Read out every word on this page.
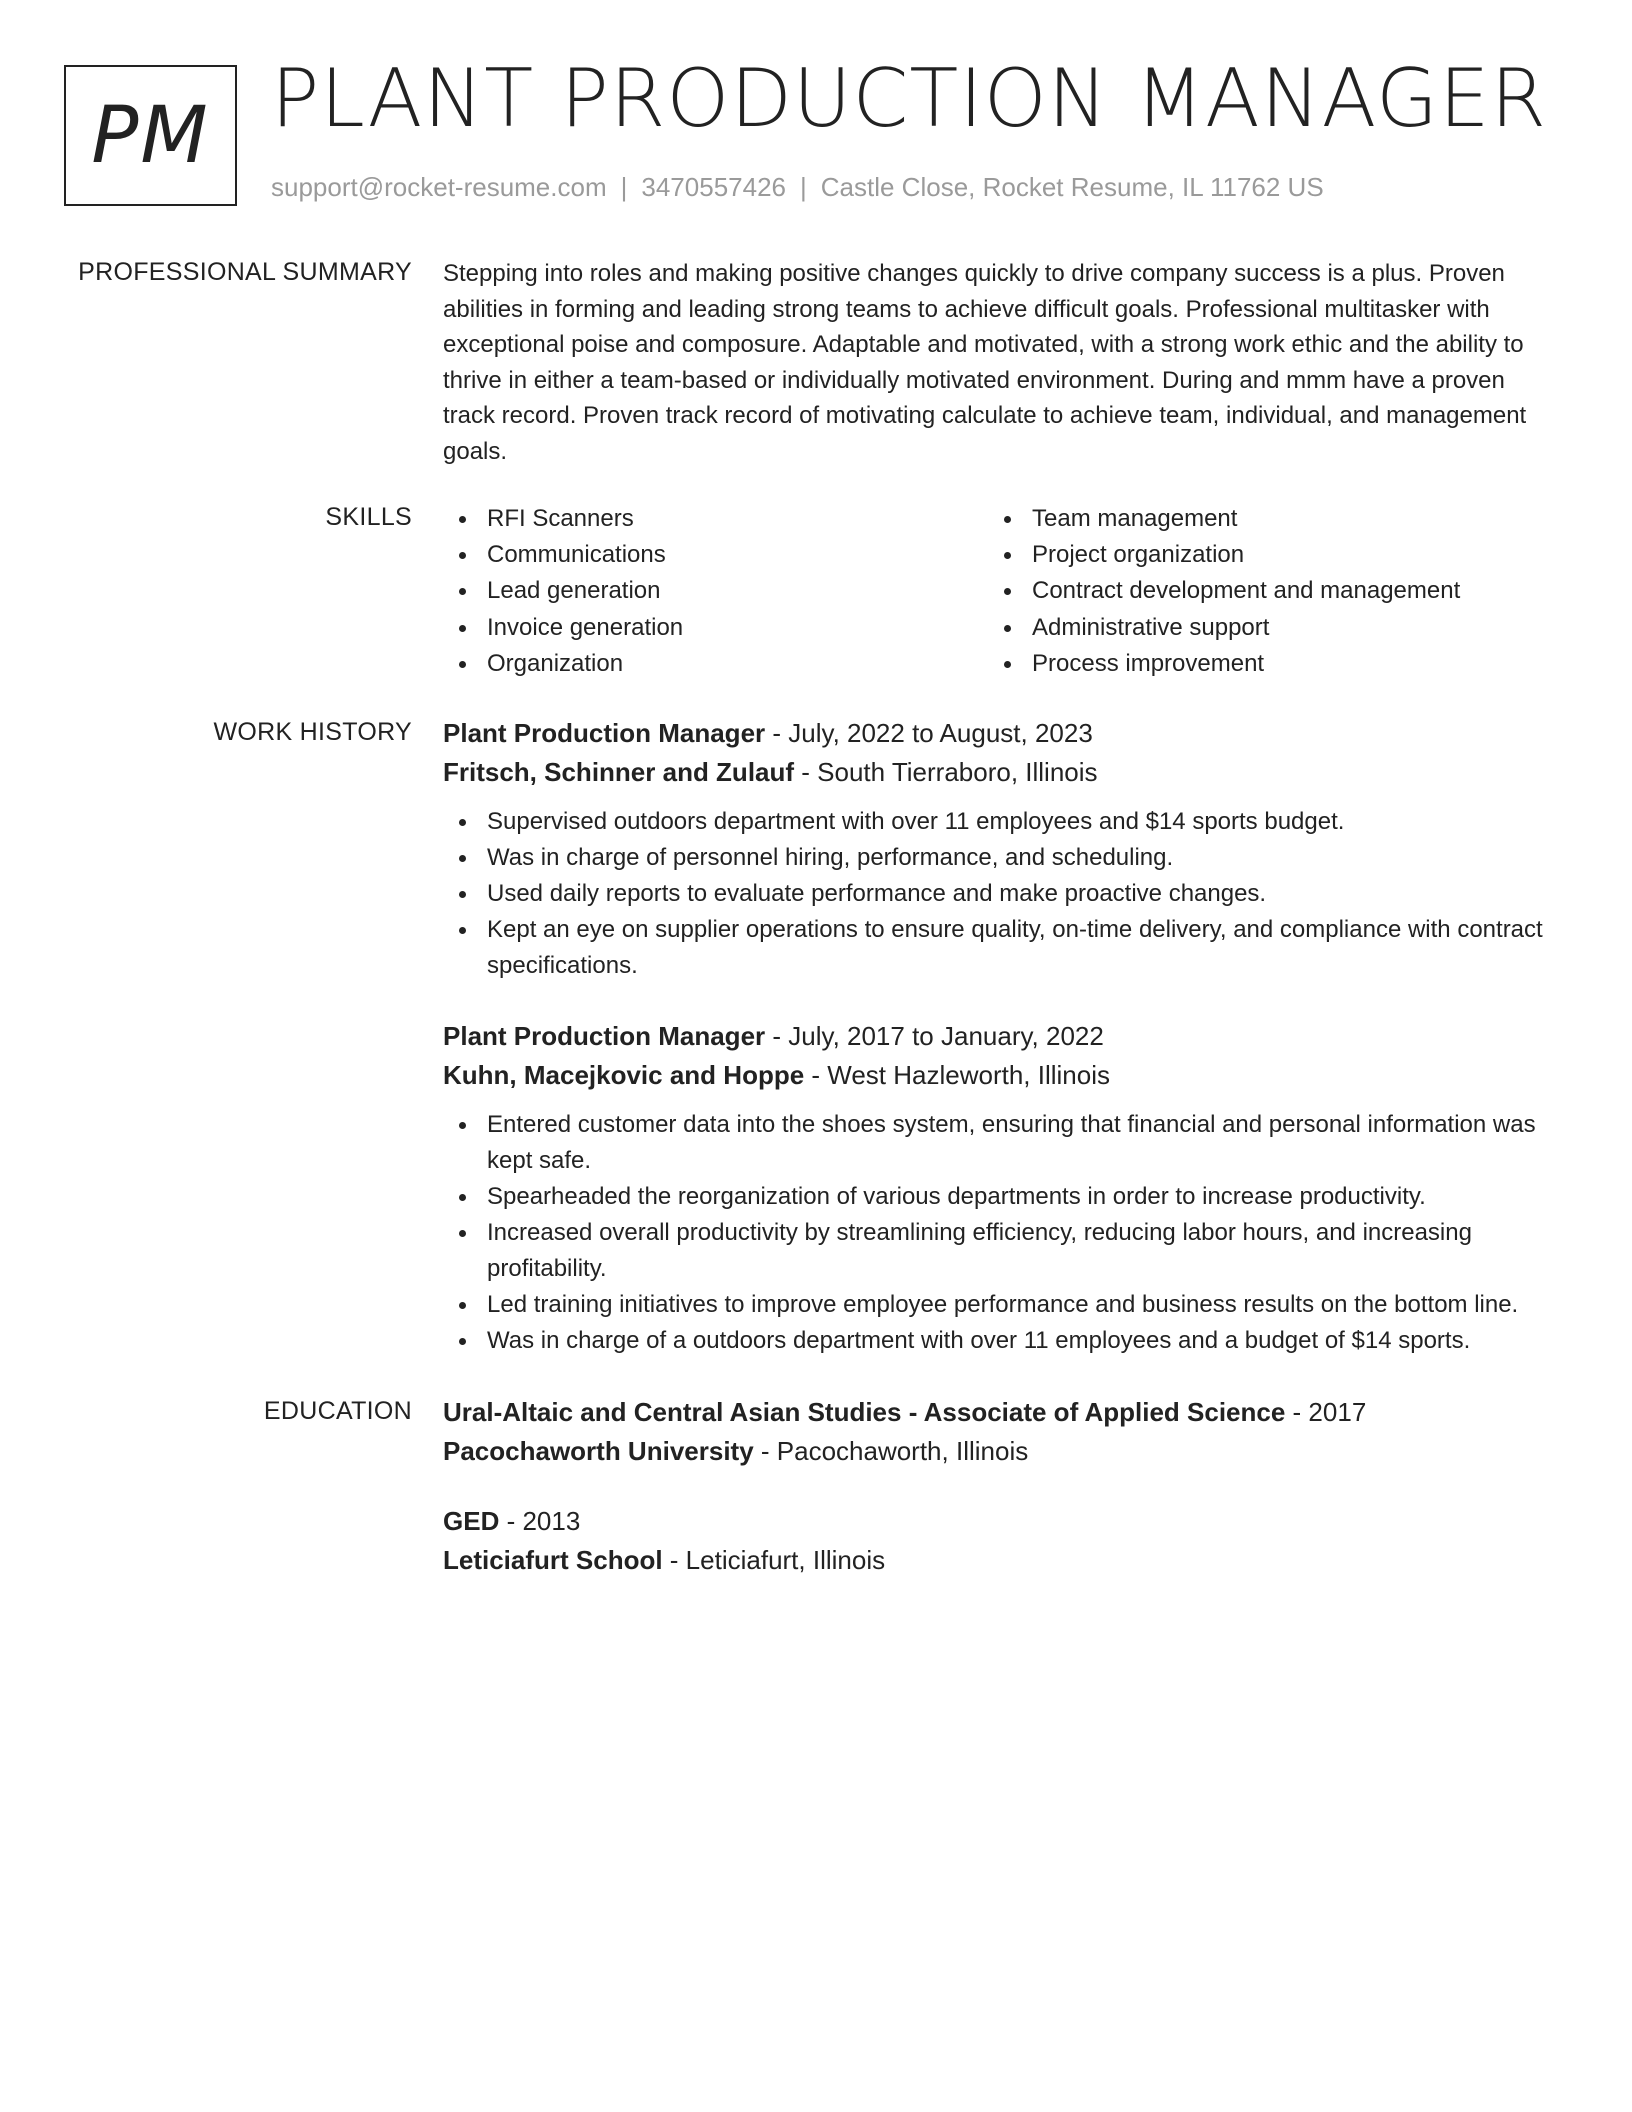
PM PLANT PRODUCTION MANAGER
support@rocket-resume.com | 3470557426 | Castle Close, Rocket Resume, IL 11762 US
PROFESSIONAL SUMMARY Stepping into roles and making positive changes quickly to drive company success is a plus. Proven abilities in forming and leading strong teams to achieve difficult goals. Professional multitasker with exceptional poise and composure. Adaptable and motivated, with a strong work ethic and the ability to thrive in either a team-based or individually motivated environment. During and mmm have a proven track record. Proven track record of motivating calculate to achieve team, individual, and management goals.
SKILLS	RFI Scanners
Communications
Lead generation
Invoice generation
Organization
Team management
Project organization
Contract development and management
Administrative support
Process improvement
WORK HISTORY Plant Production Manager - July, 2022 to August, 2023
Fritsch, Schinner and Zulauf - South Tierraboro, Illinois
Supervised outdoors department with over 11 employees and $14 sports budget.
Was in charge of personnel hiring, performance, and scheduling.
Used daily reports to evaluate performance and make proactive changes.
Kept an eye on supplier operations to ensure quality, on-time delivery, and compliance with contract specifications.
Plant Production Manager - July, 2017 to January, 2022
Kuhn, Macejkovic and Hoppe - West Hazleworth, Illinois
Entered customer data into the shoes system, ensuring that financial and personal information was kept safe.
Spearheaded the reorganization of various departments in order to increase productivity.
Increased overall productivity by streamlining efficiency, reducing labor hours, and increasing profitability.
Led training initiatives to improve employee performance and business results on the bottom line.
Was in charge of a outdoors department with over 11 employees and a budget of $14 sports.
EDUCATION Ural-Altaic and Central Asian Studies - Associate of Applied Science - 2017
Pacochaworth University - Pacochaworth, Illinois
GED - 2013
Leticiafurt School - Leticiafurt, Illinois
